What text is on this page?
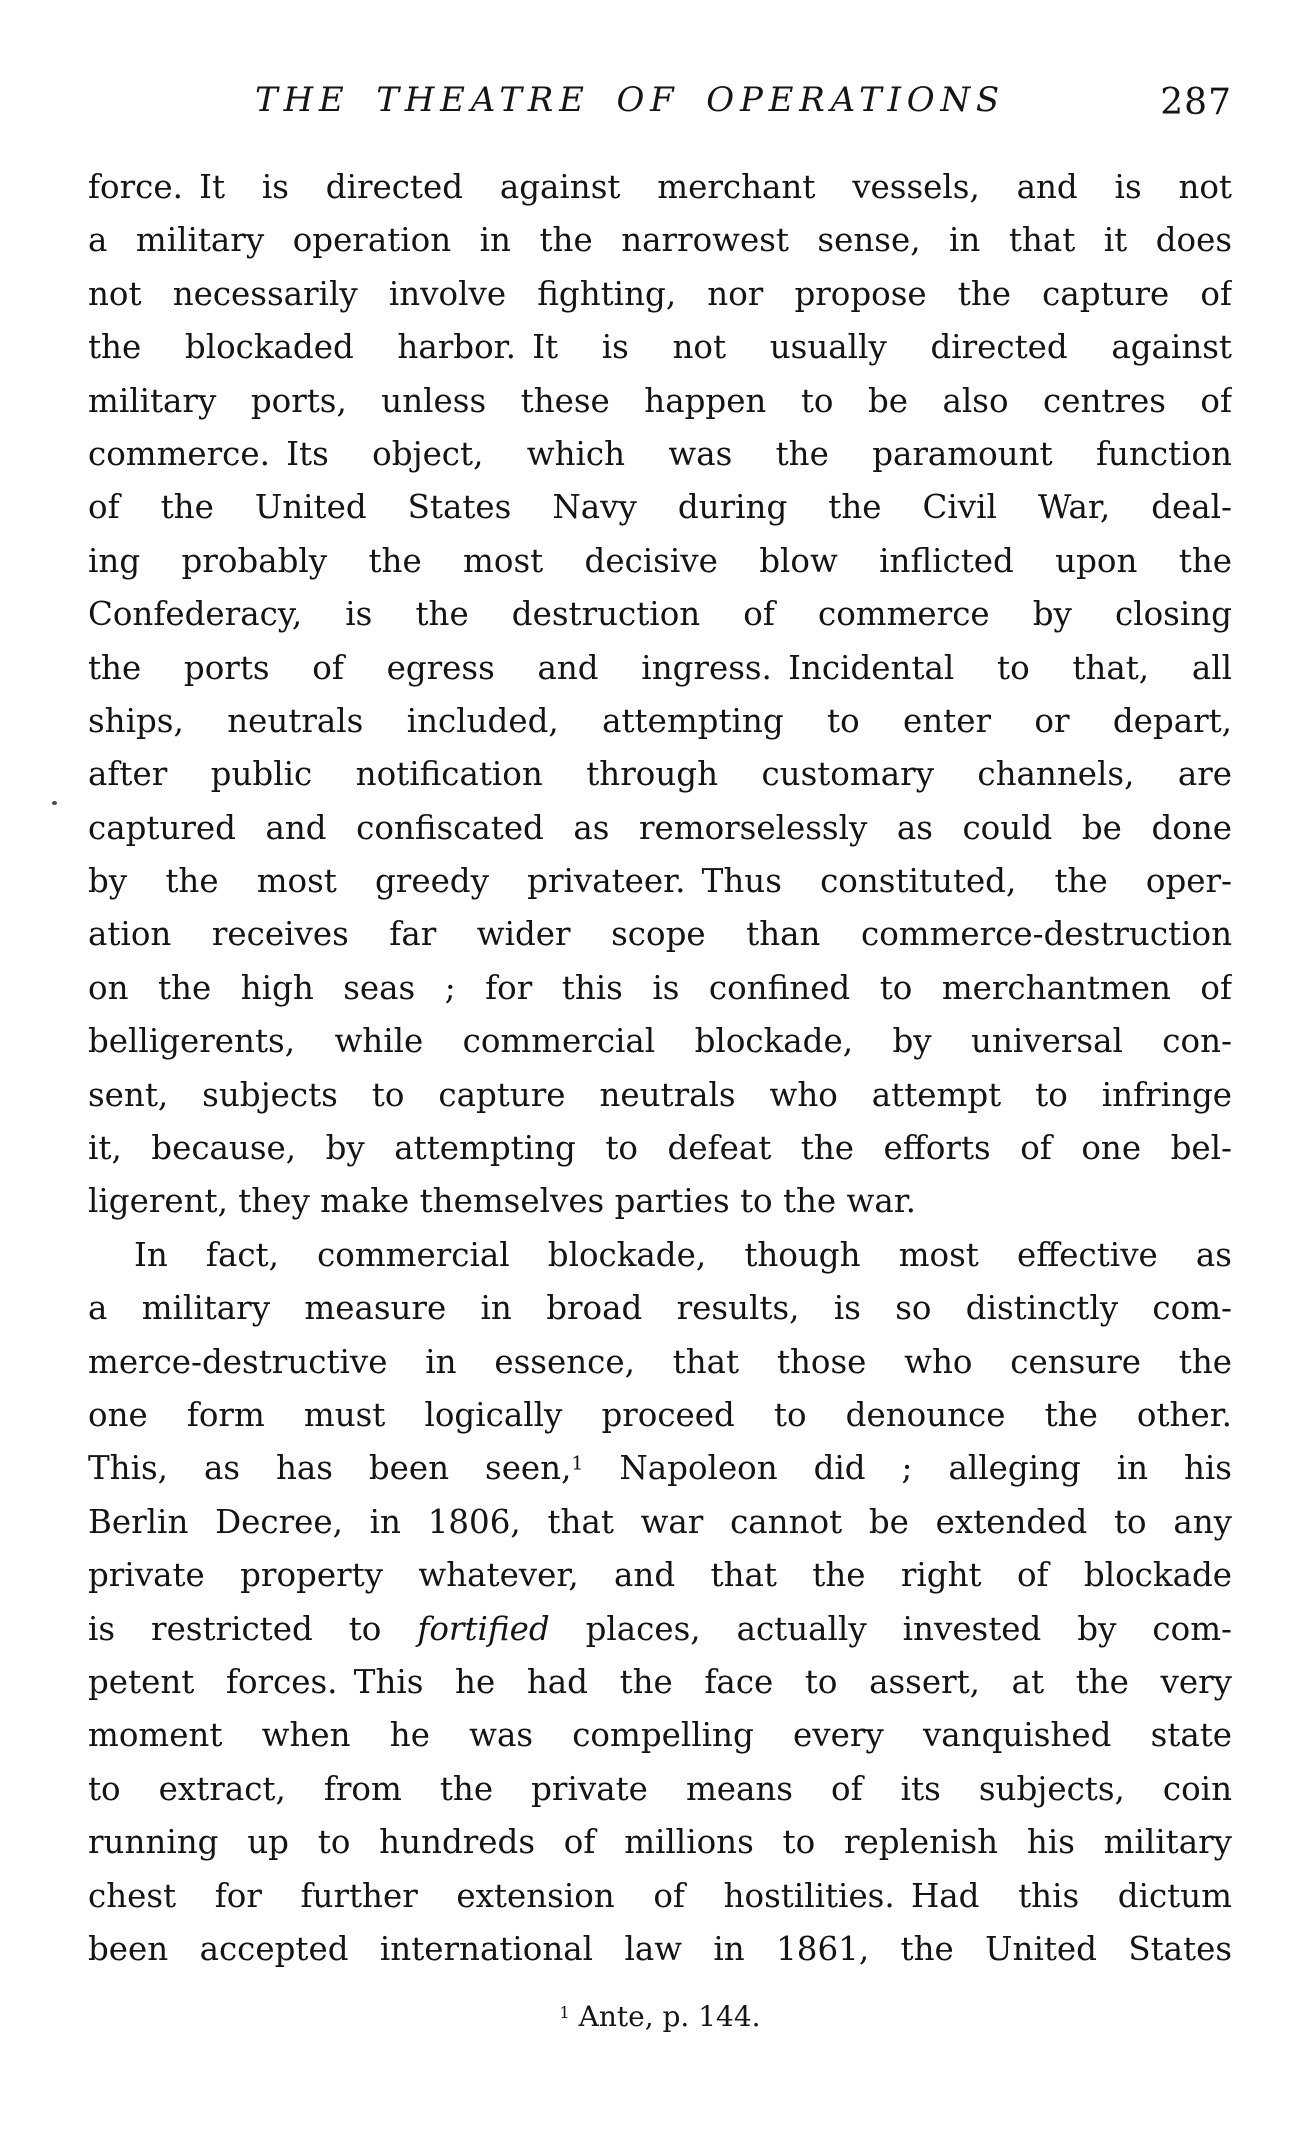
THE THEATRE OF OPERATIONS	287
force. It is directed against merchant vessels, and is not
a military operation in the narrowest sense, in that it does
not necessarily involve fighting, nor propose the capture of
the blockaded harbor. It is not usually directed against
military ports, unless these happen to be also centres of
commerce. Its object, which was the paramount function
of the United States Navy during the Civil War, deal-
ing probably the most decisive blow inflicted upon the
Confederacy, is the destruction of commerce by closing
the ports of egress and ingress. Incidental to that, all
ships, neutrals included, attempting to enter or depart,
after public notification through customary channels, are
captured and confiscated as remorselessly as could be done
by the most greedy privateer. Thus constituted, the oper-
ation receives far wider scope than commerce-destruction
on the high seas ; for this is confined to merchantmen of
belligerents, while commercial blockade, by universal con-
sent, subjects to capture neutrals who attempt to infringe
it, because, by attempting to defeat the efforts of one bel-
ligerent, they make themselves parties to the war.
In fact, commercial blockade, though most effective as
a military measure in broad results, is so distinctly com-
merce-destructive in essence, that those who censure the
one form must logically proceed to denounce the other.
This, as has been seen,$^1$ Napoleon did ; alleging in his
Berlin Decree, in 1806, that war cannot be extended to any
private property whatever, and that the right of blockade
is restricted to fortified places, actually invested by com-
petent forces. This he had the face to assert, at the very
moment when he was compelling every vanquished state
to extract, from the private means of its subjects, coin
running up to hundreds of millions to replenish his military
chest for further extension of hostilities. Had this dictum
been accepted international law in 1861, the United States
$^1$ Ante, p. 144.
